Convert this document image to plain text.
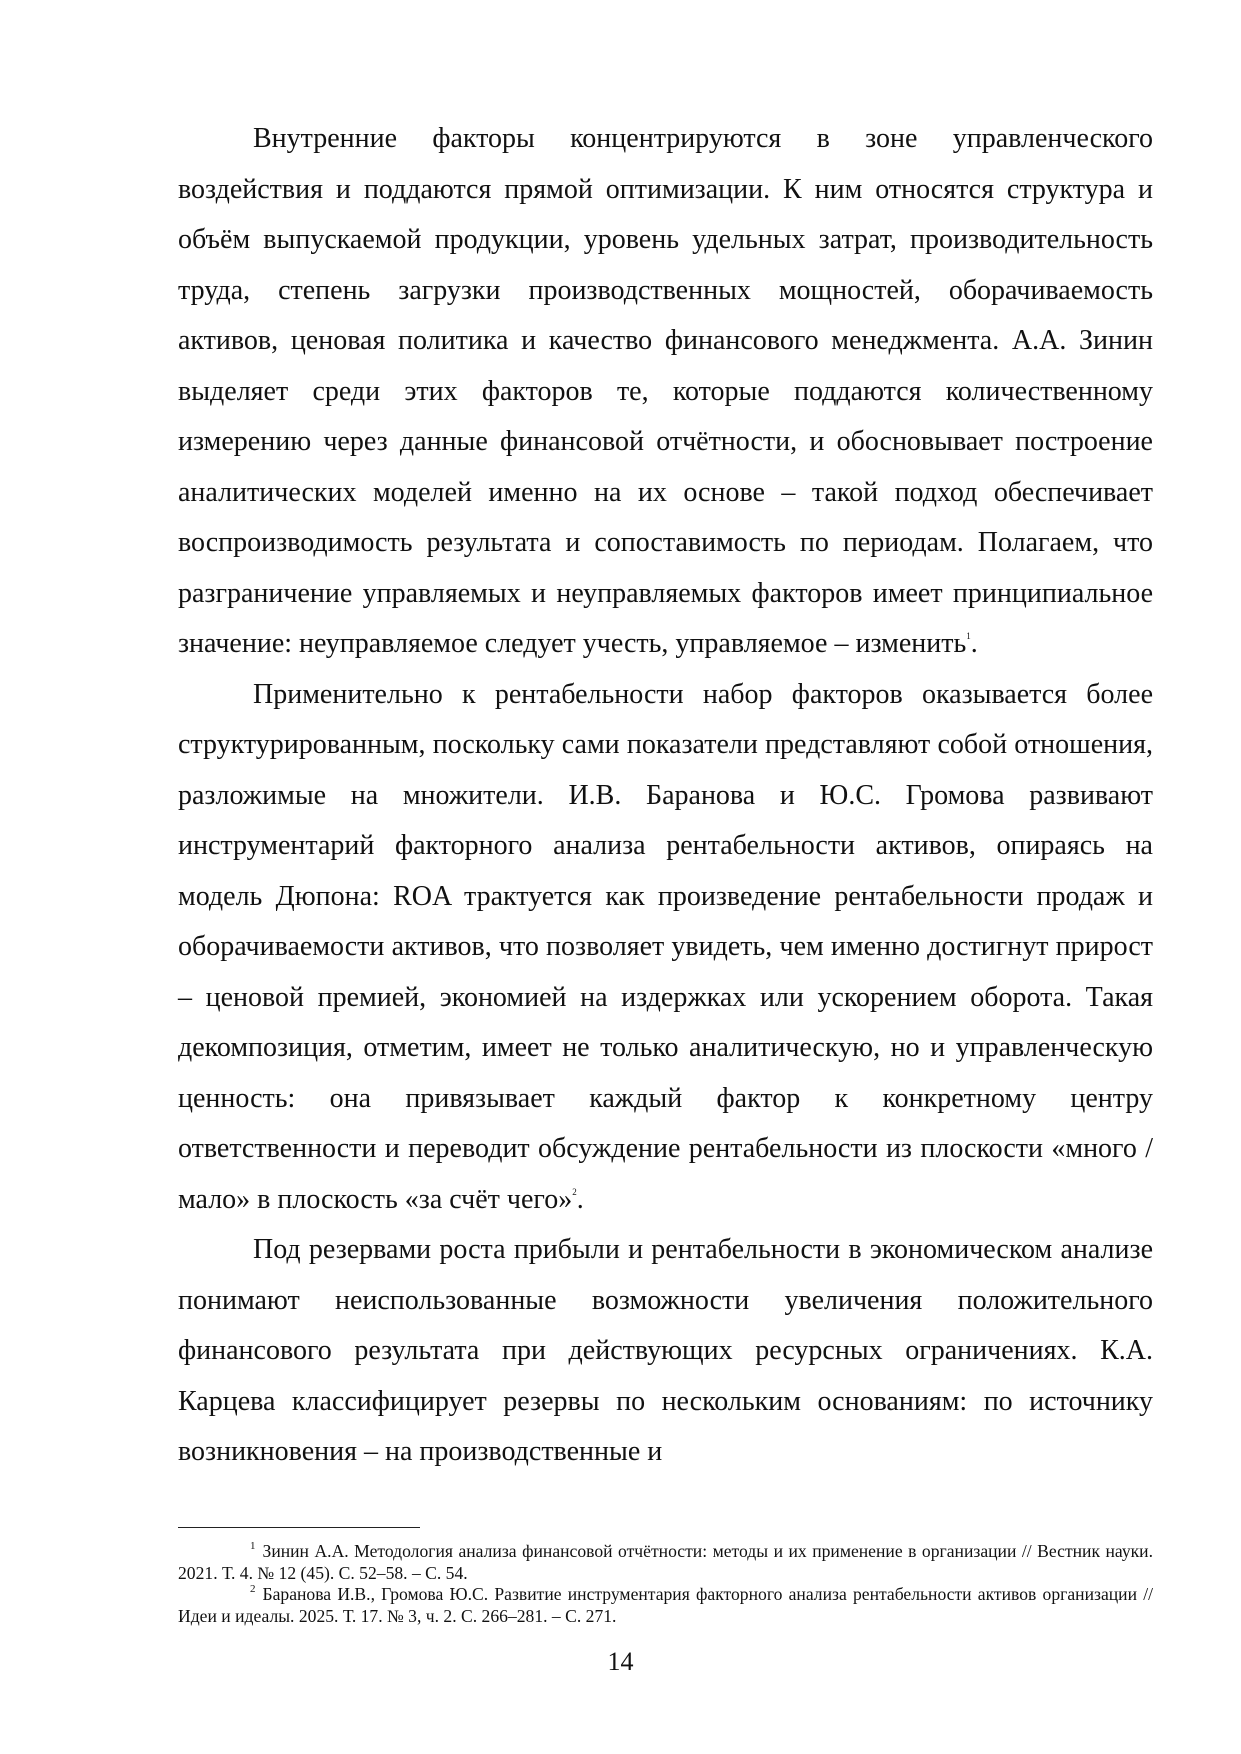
Внутренние факторы концентрируются в зоне управленческого воздействия и поддаются прямой оптимизации. К ним относятся структура и объём выпускаемой продукции, уровень удельных затрат, производительность труда, степень загрузки производственных мощностей, оборачиваемость активов, ценовая политика и качество финансового менеджмента. А.А. Зинин выделяет среди этих факторов те, которые поддаются количественному измерению через данные финансовой отчётности, и обосновывает построение аналитических моделей именно на их основе – такой подход обеспечивает воспроизводимость результата и сопоставимость по периодам. Полагаем, что разграничение управляемых и неуправляемых факторов имеет принципиальное значение: неуправляемое следует учесть, управляемое – изменить$^1$.

Применительно к рентабельности набор факторов оказывается более структурированным, поскольку сами показатели представляют собой отношения, разложимые на множители. И.В. Баранова и Ю.С. Громова развивают инструментарий факторного анализа рентабельности активов, опираясь на модель Дюпона: ROA трактуется как произведение рентабельности продаж и оборачиваемости активов, что позволяет увидеть, чем именно достигнут прирост – ценовой премией, экономией на издержках или ускорением оборота. Такая декомпозиция, отметим, имеет не только аналитическую, но и управленческую ценность: она привязывает каждый фактор к конкретному центру ответственности и переводит обсуждение рентабельности из плоскости «много / мало» в плоскость «за счёт чего»$^2$.

Под резервами роста прибыли и рентабельности в экономическом анализе понимают неиспользованные возможности увеличения положительного финансового результата при действующих ресурсных ограничениях. К.А. Карцева классифицирует резервы по нескольким основаниям: по источнику возникновения – на производственные и

$^1$ Зинин А.А. Методология анализа финансовой отчётности: методы и их применение в организации // Вестник науки. 2021. Т. 4. № 12 (45). С. 52–58. – С. 54.

$^2$ Баранова И.В., Громова Ю.С. Развитие инструментария факторного анализа рентабельности активов организации // Идеи и идеалы. 2025. Т. 17. № 3, ч. 2. С. 266–281. – С. 271.

14
